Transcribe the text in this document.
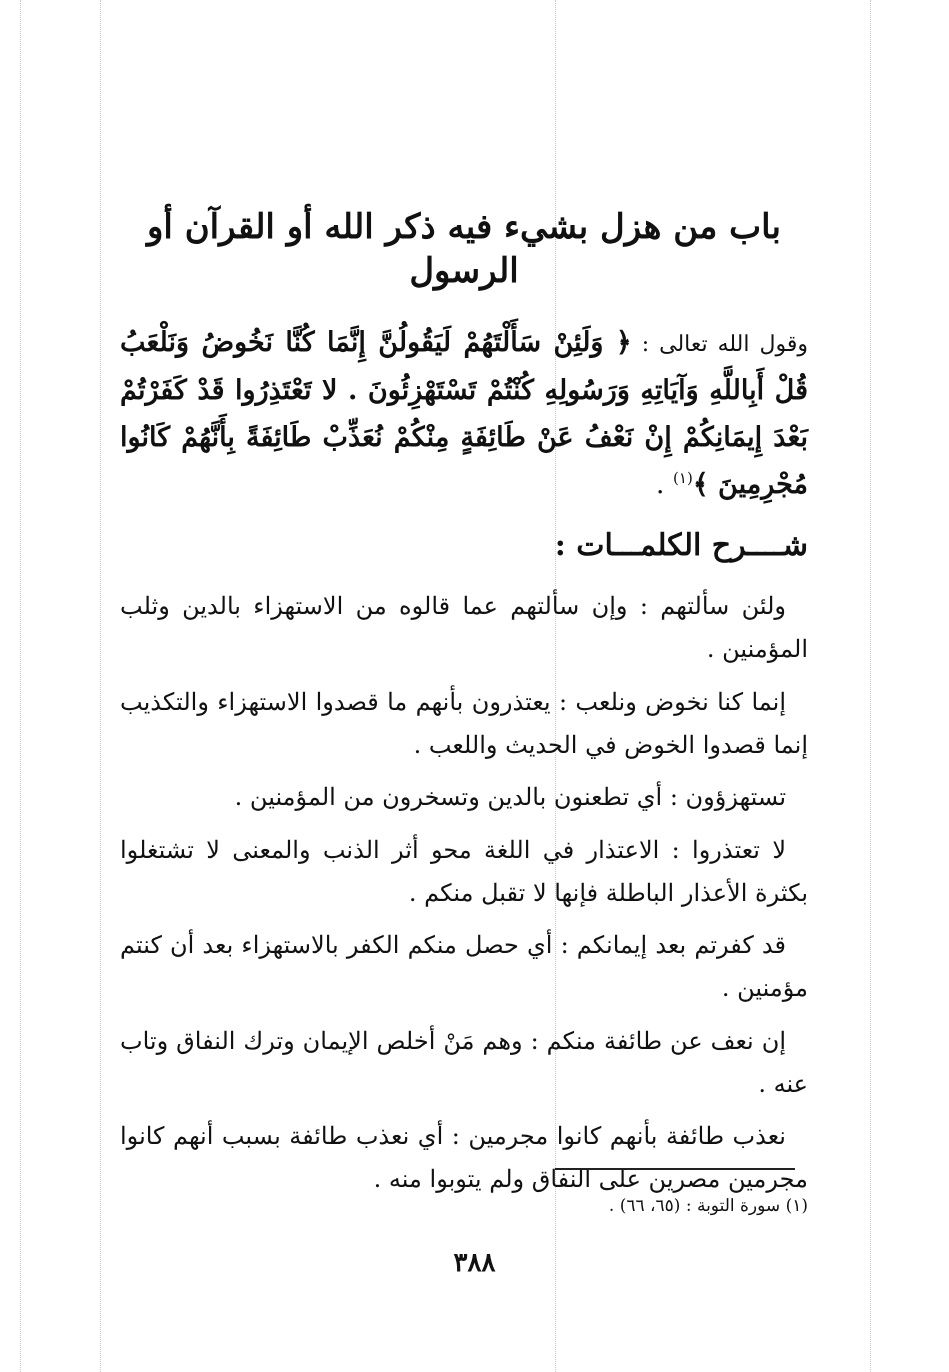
باب من هزل بشيء فيه ذكر الله أو القرآن أو الرسول

وقول الله تعالى : ﴿ وَلَئِنْ سَأَلْتَهُمْ لَيَقُولُنَّ إِنَّمَا كُنَّا نَخُوضُ وَنَلْعَبُ قُلْ أَبِاللَّهِ وَآيَاتِهِ وَرَسُولِهِ كُنْتُمْ تَسْتَهْزِئُونَ . لا تَعْتَذِرُوا قَدْ كَفَرْتُمْ بَعْدَ إِيمَانِكُمْ إِنْ نَعْفُ عَنْ طَائِفَةٍ مِنْكُمْ نُعَذِّبْ طَائِفَةً بِأَنَّهُمْ كَانُوا مُجْرِمِينَ ﴾$^{(١)}$ .

شــــرح الكلمـــات :

ولئن سألتهم : وإن سألتهم عما قالوه من الاستهزاء بالدين وثلب المؤمنين .

إنما كنا نخوض ونلعب : يعتذرون بأنهم ما قصدوا الاستهزاء والتكذيب إنما قصدوا الخوض في الحديث واللعب .

تستهزؤون : أي تطعنون بالدين وتسخرون من المؤمنين .

لا تعتذروا : الاعتذار في اللغة محو أثر الذنب والمعنى لا تشتغلوا بكثرة الأعذار الباطلة فإنها لا تقبل منكم .

قد كفرتم بعد إيمانكم : أي حصل منكم الكفر بالاستهزاء بعد أن كنتم مؤمنين .

إن نعف عن طائفة منكم : وهم مَنْ أخلص الإيمان وترك النفاق وتاب عنه .

نعذب طائفة بأنهم كانوا مجرمين : أي نعذب طائفة بسبب أنهم كانوا مجرمين مصرين على النفاق ولم يتوبوا منه .

(١) سورة التوبة : (٦٥، ٦٦) .
٣٨٨
